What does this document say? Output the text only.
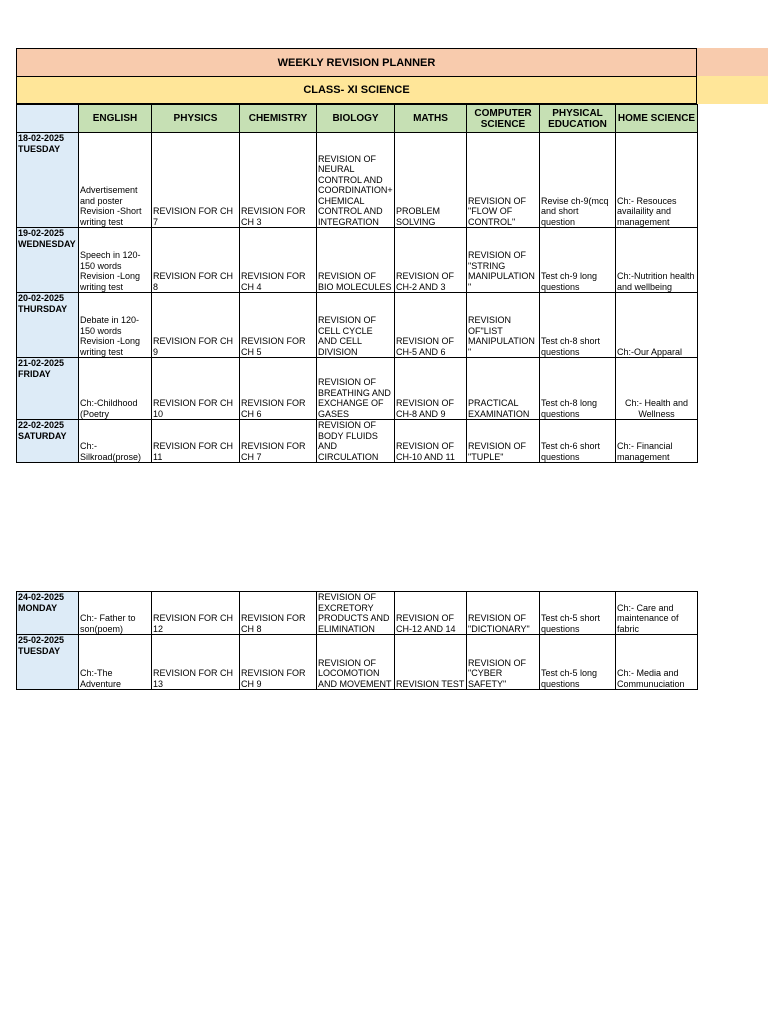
WEEKLY REVISION PLANNER
CLASS- XI SCIENCE
	ENGLISH	PHYSICS	CHEMISTRY	BIOLOGY	MATHS	COMPUTER SCIENCE	PHYSICAL EDUCATION	HOME SCIENCE
18-02-2025 TUESDAY	Advertisement and poster Revision -Short writing test	REVISION FOR CH 7	REVISION FOR CH 3	REVISION OF NEURAL CONTROL AND COORDINATION+ CHEMICAL CONTROL AND INTEGRATION	PROBLEM SOLVING	REVISION OF "FLOW OF CONTROL"	Revise ch-9(mcq and short question	Ch:- Resouces availaility and management
19-02-2025 WEDNESDAY	Speech in 120-150 words Revision -Long writing test	REVISION FOR CH 8	REVISION FOR CH 4	REVISION OF BIO MOLECULES	REVISION OF CH-2 AND 3	REVISION OF "STRING MANIPULATION"	Test ch-9 long questions	Ch:-Nutrition health and wellbeing
20-02-2025 THURSDAY	Debate in 120-150 words Revision -Long writing test	REVISION FOR CH 9	REVISION FOR CH 5	REVISION OF CELL CYCLE AND CELL DIVISION	REVISION OF CH-5 AND 6	REVISION OF"LIST MANIPULATION"	Test ch-8 short questions	Ch:-Our Apparal
21-02-2025 FRIDAY	Ch:-Childhood (Poetry	REVISION FOR CH 10	REVISION FOR CH 6	REVISION OF BREATHING AND EXCHANGE OF GASES	REVISION OF CH-8 AND 9	PRACTICAL EXAMINATION	Test ch-8 long questions	Ch:- Health and Wellness
22-02-2025 SATURDAY	Ch:- Silkroad(prose)	REVISION FOR CH 11	REVISION FOR CH 7	REVISION OF BODY FLUIDS AND CIRCULATION	REVISION OF CH-10 AND 11	REVISION OF "TUPLE"	Test ch-6 short questions	Ch:- Financial management
24-02-2025 MONDAY	Ch:- Father to son(poem)	REVISION FOR CH 12	REVISION FOR CH 8	REVISION OF EXCRETORY PRODUCTS AND ELIMINATION	REVISION OF CH-12 AND 14	REVISION OF "DICTIONARY"	Test ch-5 short questions	Ch:- Care and maintenance of fabric
25-02-2025 TUESDAY	Ch:-The Adventure	REVISION FOR CH 13	REVISION FOR CH 9	REVISION OF LOCOMOTION AND MOVEMENT	REVISION TEST	REVISION OF "CYBER SAFETY"	Test ch-5 long questions	Ch:- Media and Communuciation
